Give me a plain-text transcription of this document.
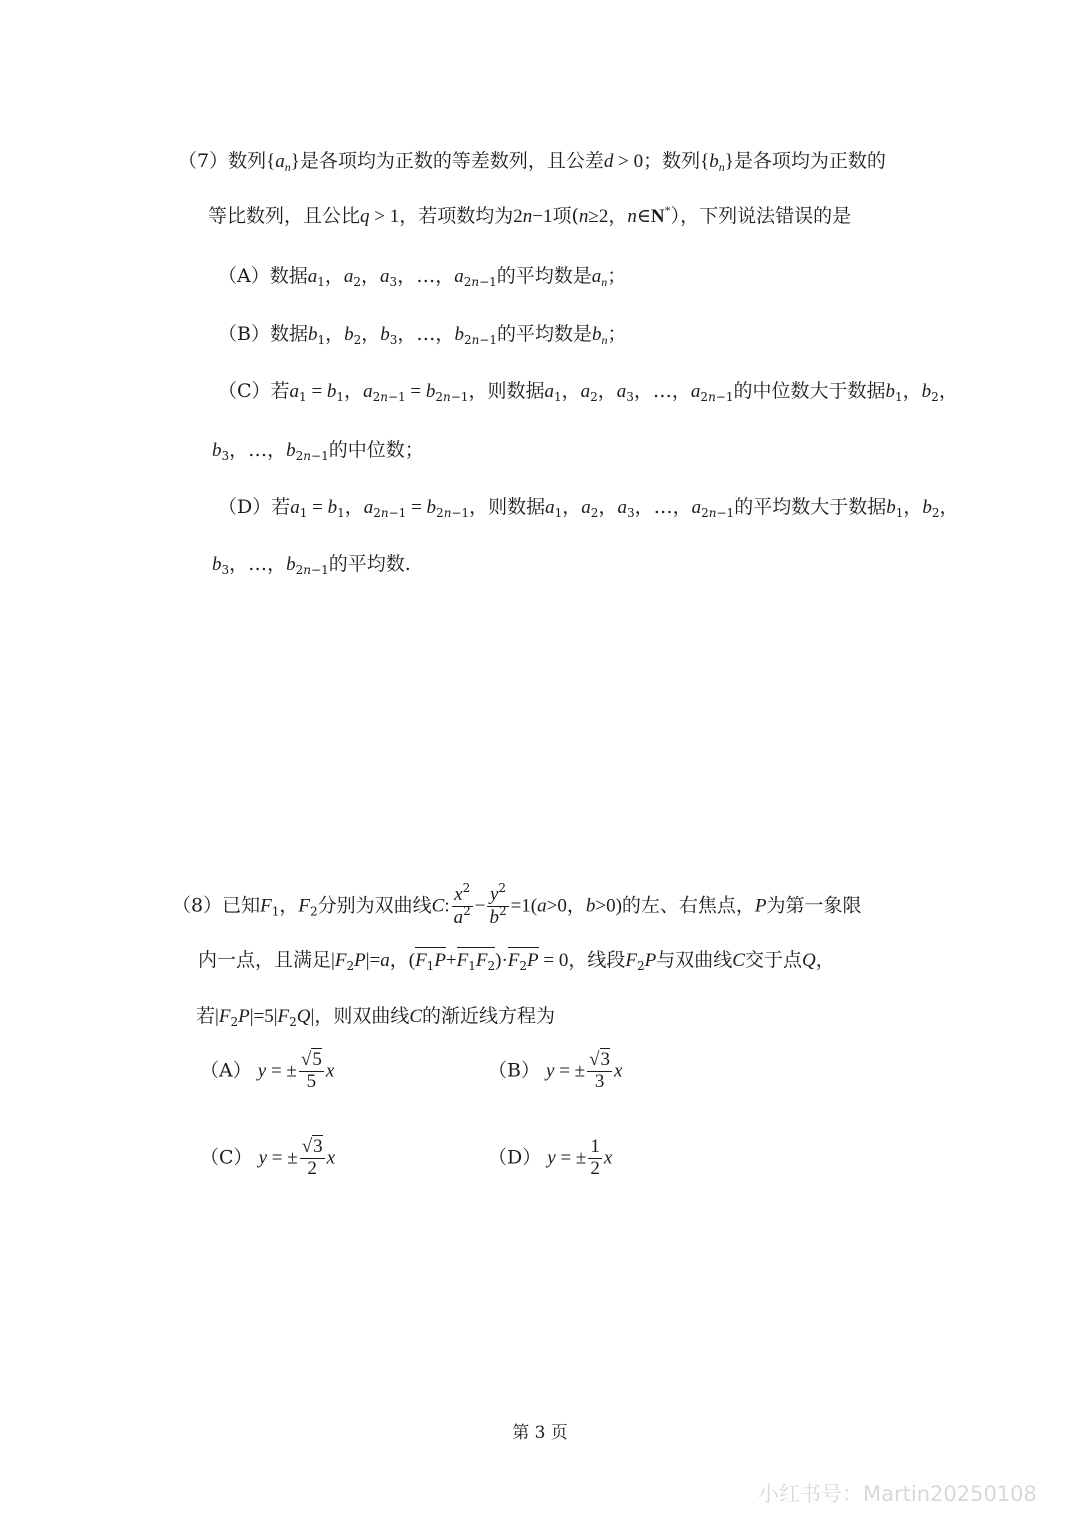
（7）数列$\{a_n\}$是各项均为正数的等差数列，且公差d > 0；数列$\{b_n\}$是各项均为正数的
等比数列，且公比q > 1，若项数均为2n−1项(n≥2，n∈N*），下列说法错误的是
（A）数据$a_1$，$a_2$，$a_3$，…，$a_{2n-1}$的平均数是$a_n$；
（B）数据$b_1$，$b_2$，$b_3$，…，$b_{2n-1}$的平均数是$b_n$；
（C）若$a_1 = b_1$，$a_{2n-1} = b_{2n-1}$，则数据$a_1$，$a_2$，$a_3$，…，$a_{2n-1}$的中位数大于数据$b_1$，$b_2$，
$b_3$，…，$b_{2n-1}$的中位数；
（D）若$a_1 = b_1$，$a_{2n-1} = b_{2n-1}$，则数据$a_1$，$a_2$，$a_3$，…，$a_{2n-1}$的平均数大于数据$b_1$，$b_2$，
$b_3$，…，$b_{2n-1}$的平均数.
（8）已知$F_1$，$F_2$分别为双曲线C: $\frac{x^2}{a^2} - \frac{y^2}{b^2} =1(a>0$，b>0)的左、右焦点，P为第一象限
内一点，且满足$|F_2P|=a$，$(F_1P+F_1F_2)\cdot F_2P = 0$，线段$F_2P$与双曲线C交于点Q，
若$|F_2P|=5|F_2Q|$，则双曲线C的渐近线方程为
（A） y = ± $\frac{√5}{5}$ x	（B） y = ± $\frac{√3}{3}$ x
（C） y = ± $\frac{√3}{2}$ x	（D） y = ± $\frac{1}{2}$ x
第 3 页
小红书号：Martin20250108
